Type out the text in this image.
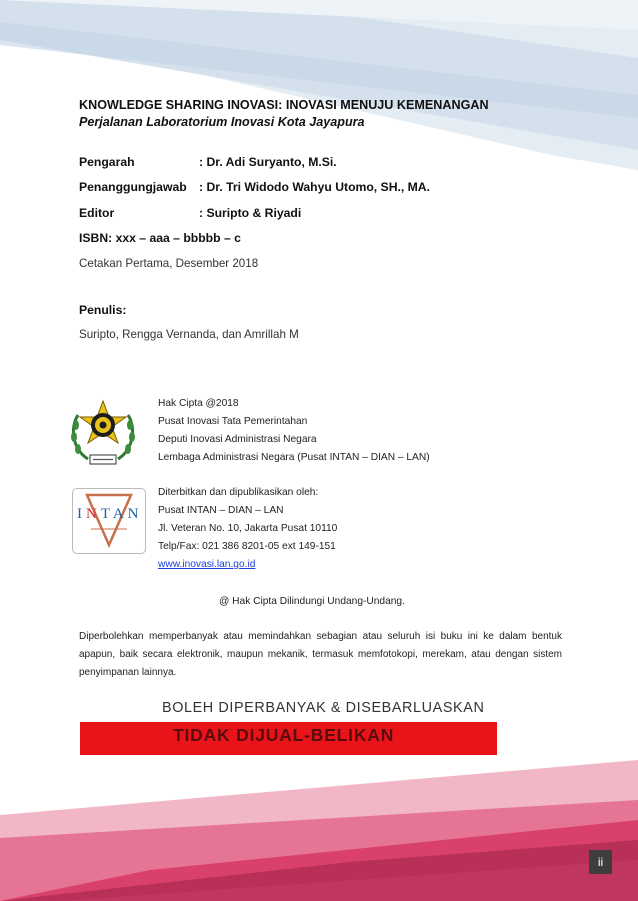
KNOWLEDGE SHARING INOVASI: INOVASI MENUJU KEMENANGAN
Perjalanan Laboratorium Inovasi Kota Jayapura
Pengarah	: Dr. Adi Suryanto, M.Si.
Penanggungjawab : Dr. Tri Widodo Wahyu Utomo, SH., MA.
Editor	: Suripto & Riyadi
ISBN: xxx – aaa – bbbbb – c
Cetakan Pertama, Desember 2018
Penulis:
Suripto, Rengga Vernanda, dan Amrillah M
Hak Cipta @2018
Pusat Inovasi Tata Pemerintahan
Deputi Inovasi Administrasi Negara
Lembaga Administrasi Negara (Pusat INTAN – DIAN – LAN)
INTAN
Diterbitkan dan dipublikasikan oleh:
Pusat INTAN – DIAN – LAN
Jl. Veteran No. 10, Jakarta Pusat 10110
Telp/Fax: 021 386 8201-05 ext 149-151
www.inovasi.lan.go.id
@ Hak Cipta Dilindungi Undang-Undang.
Diperbolehkan memperbanyak atau memindahkan sebagian atau seluruh isi buku ini ke dalam bentuk apapun, baik secara elektronik, maupun mekanik, termasuk memfotokopi, merekam, atau dengan sistem penyimpanan lainnya.
BOLEH DIPERBANYAK & DISEBARLUASKAN
TIDAK DIJUAL-BELIKAN
ii
